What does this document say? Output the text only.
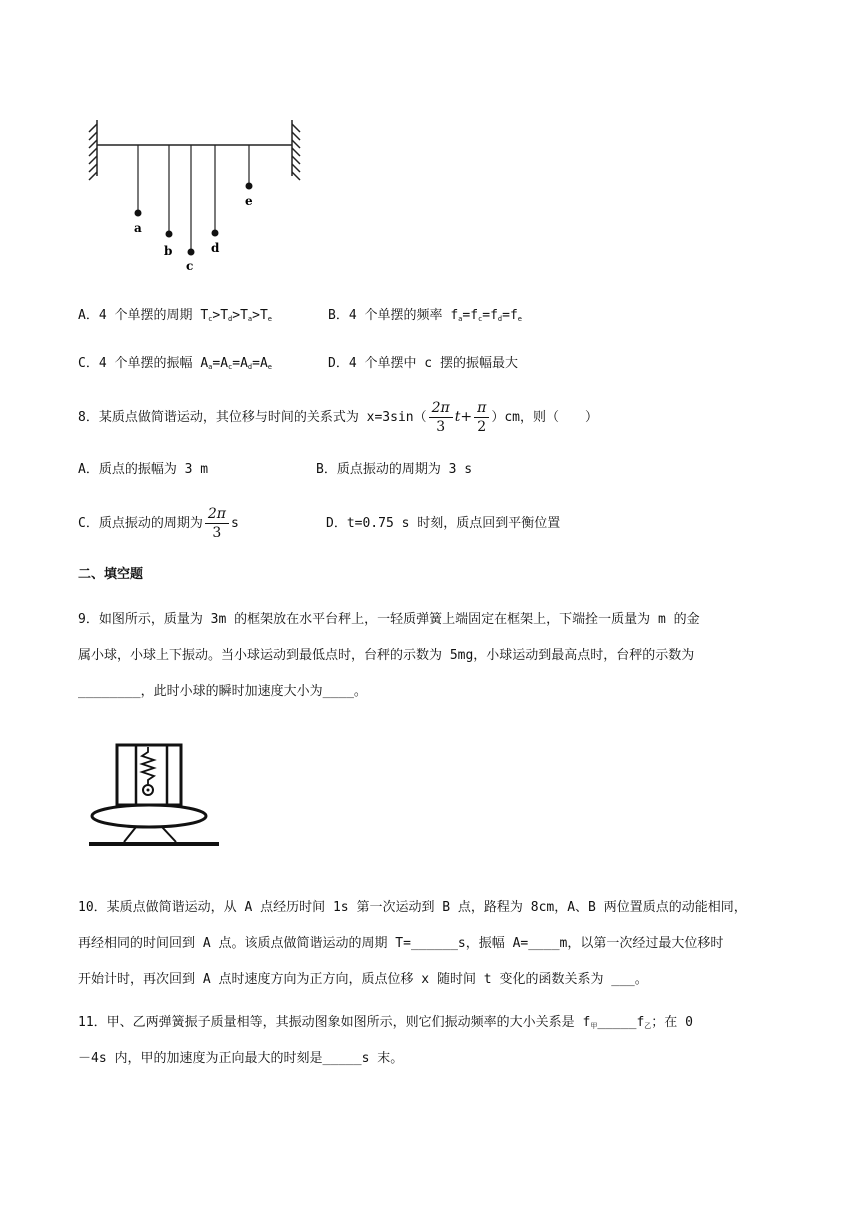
a
b
c
d
e
A．4 个单摆的周期 $T_c>T_d>T_a>T_e$	B．4 个单摆的频率 $f_a=f_c=f_d=f_e$
C．4 个单摆的振幅 $A_a=A_c=A_d=A_e$	D．4 个单摆中 c 摆的振幅最大
8．某质点做简谐运动，其位移与时间的关系式为 $x=3\sin( \frac{2\pi}{3} t+ \frac{\pi}{2} )cm$，则（　　）
A．质点的振幅为 3 m	B．质点振动的周期为 3 s
C．质点振动的周期为 $\frac{2\pi}{3}$ s	D．t=0.75 s 时刻，质点回到平衡位置
二、填空题
9．如图所示，质量为 3m 的框架放在水平台秤上，一轻质弹簧上端固定在框架上，下端拴一质量为 m 的金
属小球，小球上下振动。当小球运动到最低点时，台秤的示数为 5mg，小球运动到最高点时，台秤的示数为
________，此时小球的瞬时加速度大小为____。
10．某质点做简谐运动，从 A 点经历时间 1s 第一次运动到 B 点，路程为 8cm，A、B 两位置质点的动能相同，
再经相同的时间回到 A 点。该质点做简谐运动的周期 T=______s，振幅 A=____m，以第一次经过最大位移时
开始计时，再次回到 A 点时速度方向为正方向，质点位移 x 随时间 t 变化的函数关系为 ___。
11．甲、乙两弹簧振子质量相等，其振动图象如图所示，则它们振动频率的大小关系是 $f_甲\_\_\_\_\_f_乙$；在 0
－4s 内，甲的加速度为正向最大的时刻是_____s 末。
